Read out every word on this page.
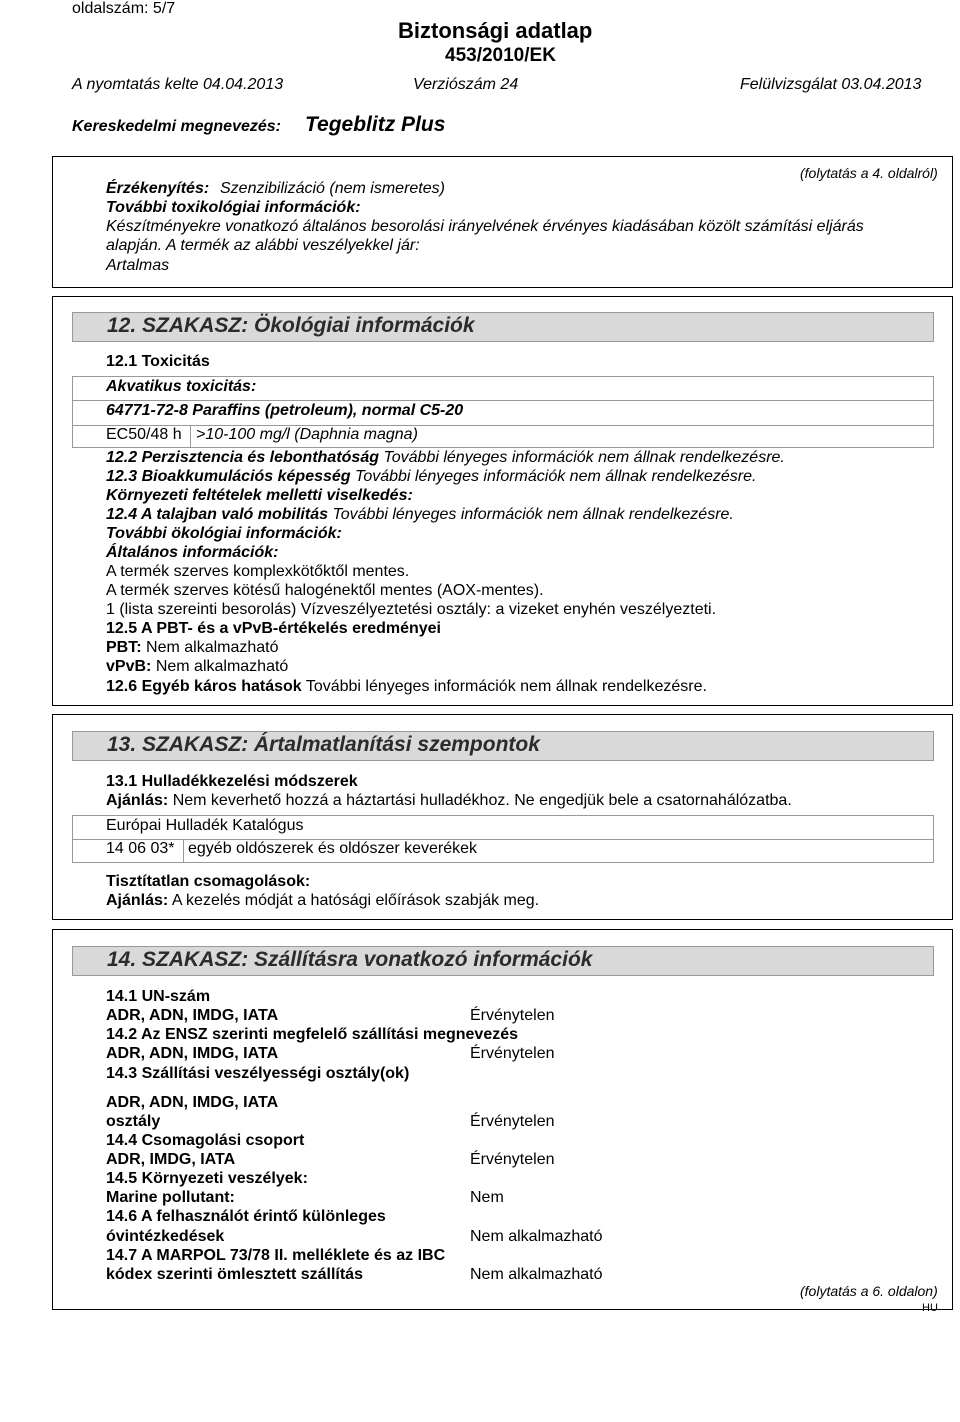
oldalszám: 5/7
Biztonsági adatlap
453/2010/EK
A nyomtatás kelte 04.04.2013	Verziószám 24	Felülvizsgálat 03.04.2013
Kereskedelmi megnevezés: Tegeblitz Plus
(folytatás a 4. oldalról)
Érzékenyítés: Szenzibilizáció (nem ismeretes)
További toxikológiai információk:
Készítményekre vonatkozó általános besorolási irányelvének érvényes kiadásában közölt számítási eljárás
alapján. A termék az alábbi veszélyekkel jár:
Artalmas
12. SZAKASZ: Ökológiai információk
12.1 Toxicitás
Akvatikus toxicitás:
64771-72-8 Paraffins (petroleum), normal C5-20
EC50/48 h >10-100 mg/l (Daphnia magna)
12.2 Perzisztencia és lebonthatóság További lényeges információk nem állnak rendelkezésre.
12.3 Bioakkumulációs képesség További lényeges információk nem állnak rendelkezésre.
Környezeti feltételek melletti viselkedés:
12.4 A talajban való mobilitás További lényeges információk nem állnak rendelkezésre.
További ökológiai információk:
Általános információk:
A termék szerves komplexkötőktől mentes.
A termék szerves kötésű halogénektől mentes (AOX-mentes).
1 (lista szereinti besorolás) Vízveszélyeztetési osztály: a vizeket enyhén veszélyezteti.
12.5 A PBT- és a vPvB-értékelés eredményei
PBT: Nem alkalmazható
vPvB: Nem alkalmazható
12.6 Egyéb káros hatások További lényeges információk nem állnak rendelkezésre.
13. SZAKASZ: Ártalmatlanítási szempontok
13.1 Hulladékkezelési módszerek
Ajánlás: Nem keverhető hozzá a háztartási hulladékhoz. Ne engedjük bele a csatornahálózatba.
Európai Hulladék Katalógus
14 06 03* egyéb oldószerek és oldószer keverékek
Tisztítatlan csomagolások:
Ajánlás: A kezelés módját a hatósági előírások szabják meg.
14. SZAKASZ: Szállításra vonatkozó információk
14.1 UN-szám
ADR, ADN, IMDG, IATA	Érvénytelen
14.2 Az ENSZ szerinti megfelelő szállítási megnevezés
ADR, ADN, IMDG, IATA	Érvénytelen
14.3 Szállítási veszélyességi osztály(ok)
ADR, ADN, IMDG, IATA
osztály	Érvénytelen
14.4 Csomagolási csoport
ADR, IMDG, IATA	Érvénytelen
14.5 Környezeti veszélyek:
Marine pollutant:	Nem
14.6 A felhasználót érintő különleges
óvintézkedések	Nem alkalmazható
14.7 A MARPOL 73/78 II. melléklete és az IBC
kódex szerinti ömlesztett szállítás	Nem alkalmazható
(folytatás a 6. oldalon)
HU
